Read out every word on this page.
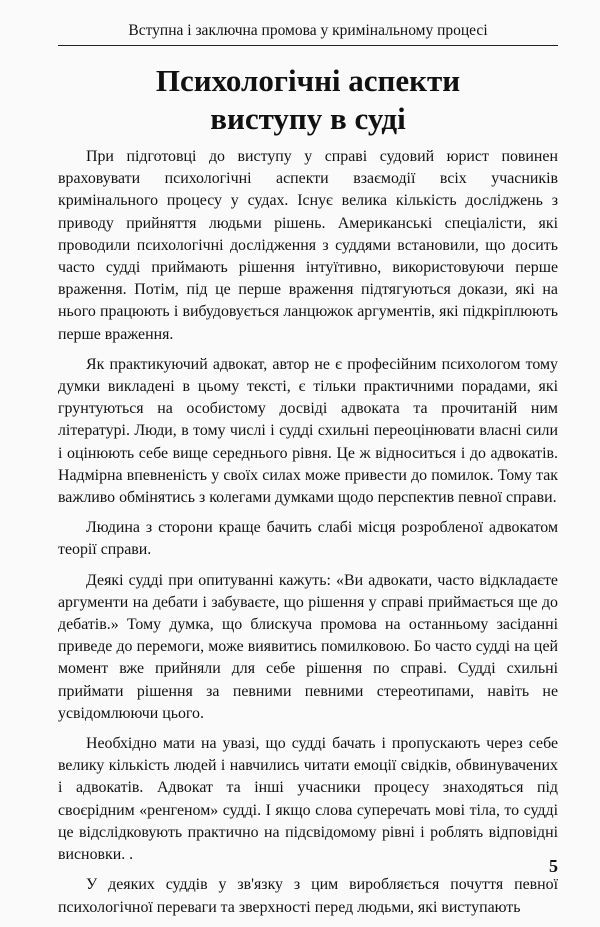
Вступна і заключна промова у кримінальному процесі
Психологічні аспекти
виступу в суді

При підготовці до виступу у справі судовий юрист повинен враховувати психологічні аспекти взаємодії всіх учасників кримінального процесу у судах. Існує велика кількість досліджень з приводу прийняття людьми рішень. Американські спеціалісти, які проводили психологічні дослідження з суддями встановили, що досить часто судді приймають рішення інтуїтивно, використовуючи перше враження. Потім, під це перше враження підтягуються докази, які на нього працюють і вибудовується ланцюжок аргументів, які підкріплюють перше враження.

Як практикуючий адвокат, автор не є професійним психологом тому думки викладені в цьому тексті, є тільки практичними порадами, які грунтуються на особистому досвіді адвоката та прочитаній ним літературі. Люди, в тому числі і судді схильні переоцінювати власні сили і оцінюють себе вище середнього рівня. Це ж відноситься і до адвокатів. Надмірна впевненість у своїх силах може привести до помилок. Тому так важливо обмінятись з колегами думками щодо перспектив певної справи.

Людина з сторони краще бачить слабі місця розробленої адвокатом теорії справи.

Деякі судді при опитуванні кажуть: «Ви адвокати, часто відкладаєте аргументи на дебати і забуваєте, що рішення у справі приймається ще до дебатів.» Тому думка, що блискуча промова на останньому засіданні приведе до перемоги, може виявитись помилковою. Бо часто судді на цей момент вже прийняли для себе рішення по справі. Судді схильні приймати рішення за певними певними стереотипами, навіть не усвідомлюючи цього.

Необхідно мати на увазі, що судді бачать і пропускають через себе велику кількість людей і навчились читати емоції свідків, обвинувачених і адвокатів. Адвокат та інші учасники процесу знаходяться під своєрідним «ренгеном» судді. І якщо слова суперечать мові тіла, то судді це відслідковують практично на підсвідомому рівні і роблять відповідні висновки. .

У деяких суддів у зв'язку з цим виробляється почуття певної психологічної переваги та зверхності перед людьми, які виступають

5
